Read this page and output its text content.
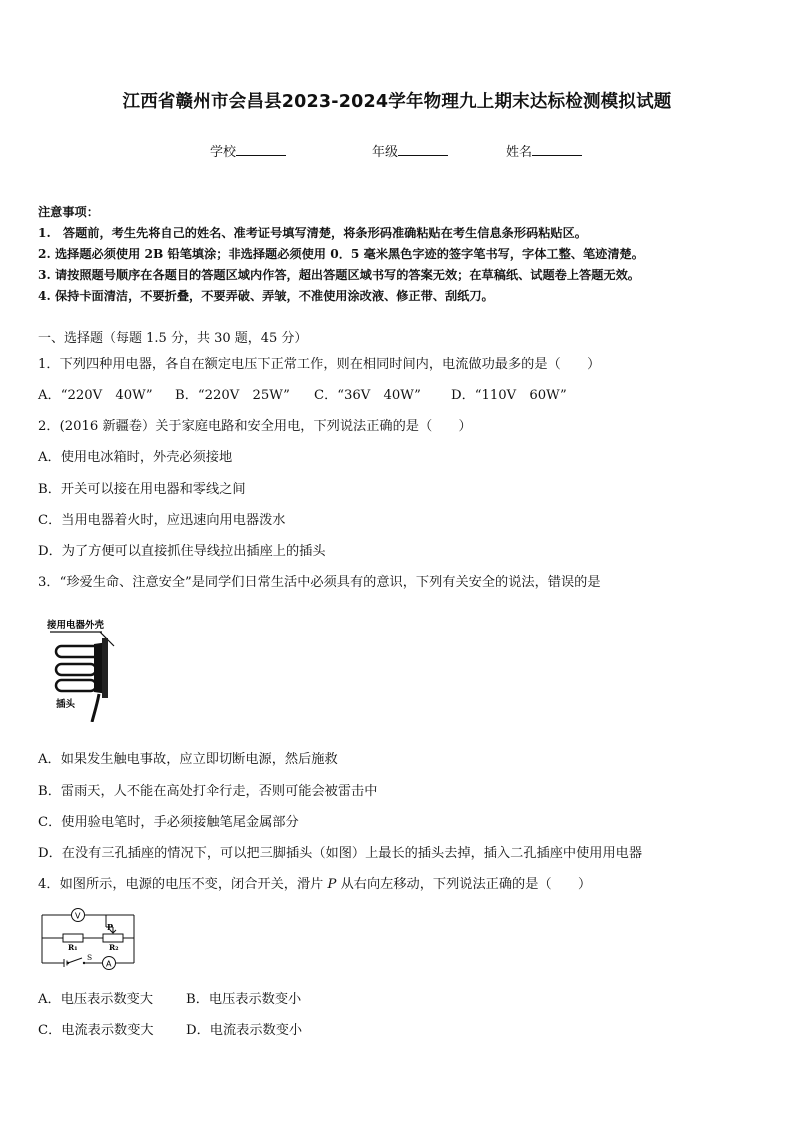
江西省赣州市会昌县2023-2024学年物理九上期末达标检测模拟试题
学校	年级	姓名
注意事项：
1.　答题前，考生先将自己的姓名、准考证号填写清楚，将条形码准确粘贴在考生信息条形码粘贴区。
2. 选择题必须使用 2B 铅笔填涂；非选择题必须使用 0．5 毫米黑色字迹的签字笔书写，字体工整、笔迹清楚。
3. 请按照题号顺序在各题目的答题区域内作答，超出答题区域书写的答案无效；在草稿纸、试题卷上答题无效。
4. 保持卡面清洁，不要折叠，不要弄破、弄皱，不准使用涂改液、修正带、刮纸刀。
一、选择题（每题 1.5 分，共 30 题，45 分）
1．下列四种用电器，各自在额定电压下正常工作，则在相同时间内，电流做功最多的是（　　）
A．“220V　40W” B．“220V　25W” C．“36V　40W” D．“110V　60W”
2．(2016 新疆卷）关于家庭电路和安全用电，下列说法正确的是（　　）
A．使用电冰箱时，外壳必须接地
B．开关可以接在用电器和零线之间
C．当用电器着火时，应迅速向用电器泼水
D．为了方便可以直接抓住导线拉出插座上的插头
3．“珍爱生命、注意安全”是同学们日常生活中必须具有的意识，下列有关安全的说法，错误的是
接用电器外壳
插头
A．如果发生触电事故，应立即切断电源，然后施救
B．雷雨天，人不能在高处打伞行走，否则可能会被雷击中
C．使用验电笔时，手必须接触笔尾金属部分
D．在没有三孔插座的情况下，可以把三脚插头（如图）上最长的插头去掉，插入二孔插座中使用用电器
4．如图所示，电源的电压不变，闭合开关，滑片 P 从右向左移动，下列说法正确的是（　　）
V
A
R₁	R₂
P
S
A．电压表示数变大 B．电压表示数变小
C．电流表示数变大 D．电流表示数变小
